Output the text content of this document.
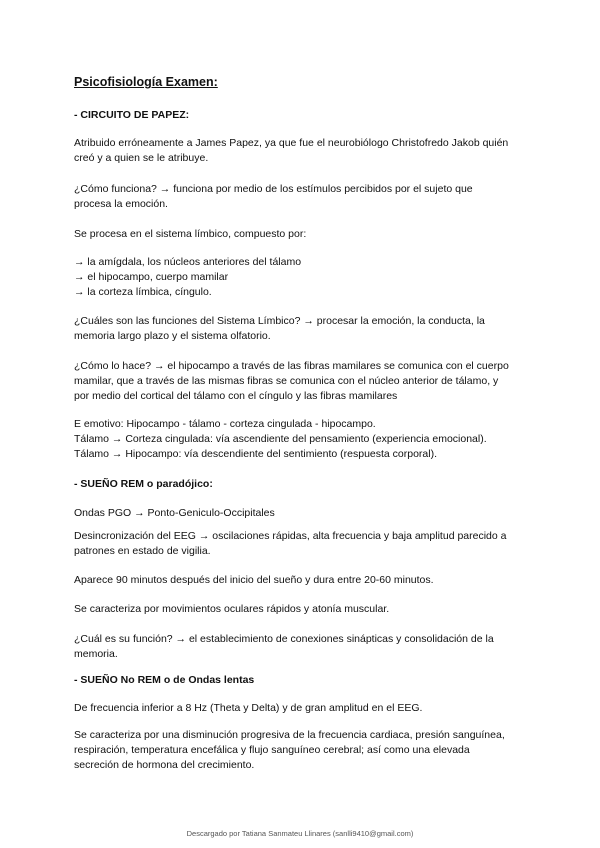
Psicofisiología Examen:
- CIRCUITO DE PAPEZ:
Atribuido erróneamente a James Papez, ya que fue el neurobiólogo Christofredo Jakob quién
creó y a quien se le atribuye.
¿Cómo funciona? → funciona por medio de los estímulos percibidos por el sujeto que
procesa la emoción.
Se procesa en el sistema límbico, compuesto por:
→ la amígdala, los núcleos anteriores del tálamo
→ el hipocampo, cuerpo mamilar
→ la corteza límbica, cíngulo.
¿Cuáles son las funciones del Sistema Límbico? → procesar la emoción, la conducta, la
memoria largo plazo y el sistema olfatorio.
¿Cómo lo hace? → el hipocampo a través de las fibras mamilares se comunica con el cuerpo
mamilar, que a través de las mismas fibras se comunica con el núcleo anterior de tálamo, y
por medio del cortical del tálamo con el cíngulo y las fibras mamilares
E emotivo: Hipocampo - tálamo - corteza cingulada - hipocampo.
Tálamo → Corteza cingulada: vía ascendiente del pensamiento (experiencia emocional).
Tálamo → Hipocampo: vía descendiente del sentimiento (respuesta corporal).
- SUEÑO REM o paradójico:
Ondas PGO → Ponto-Geniculo-Occipitales
Desincronización del EEG → oscilaciones rápidas, alta frecuencia y baja amplitud parecido a
patrones en estado de vigilia.
Aparece 90 minutos después del inicio del sueño y dura entre 20-60 minutos.
Se caracteriza por movimientos oculares rápidos y atonía muscular.
¿Cuál es su función? → el establecimiento de conexiones sinápticas y consolidación de la
memoria.
- SUEÑO No REM o de Ondas lentas
De frecuencia inferior a 8 Hz (Theta y Delta) y de gran amplitud en el EEG.
Se caracteriza por una disminución progresiva de la frecuencia cardiaca, presión sanguínea,
respiración, temperatura encefálica y flujo sanguíneo cerebral; así como una elevada
secreción de hormona del crecimiento.
Descargado por Tatiana Sanmateu Llinares (sanlli9410@gmail.com)
